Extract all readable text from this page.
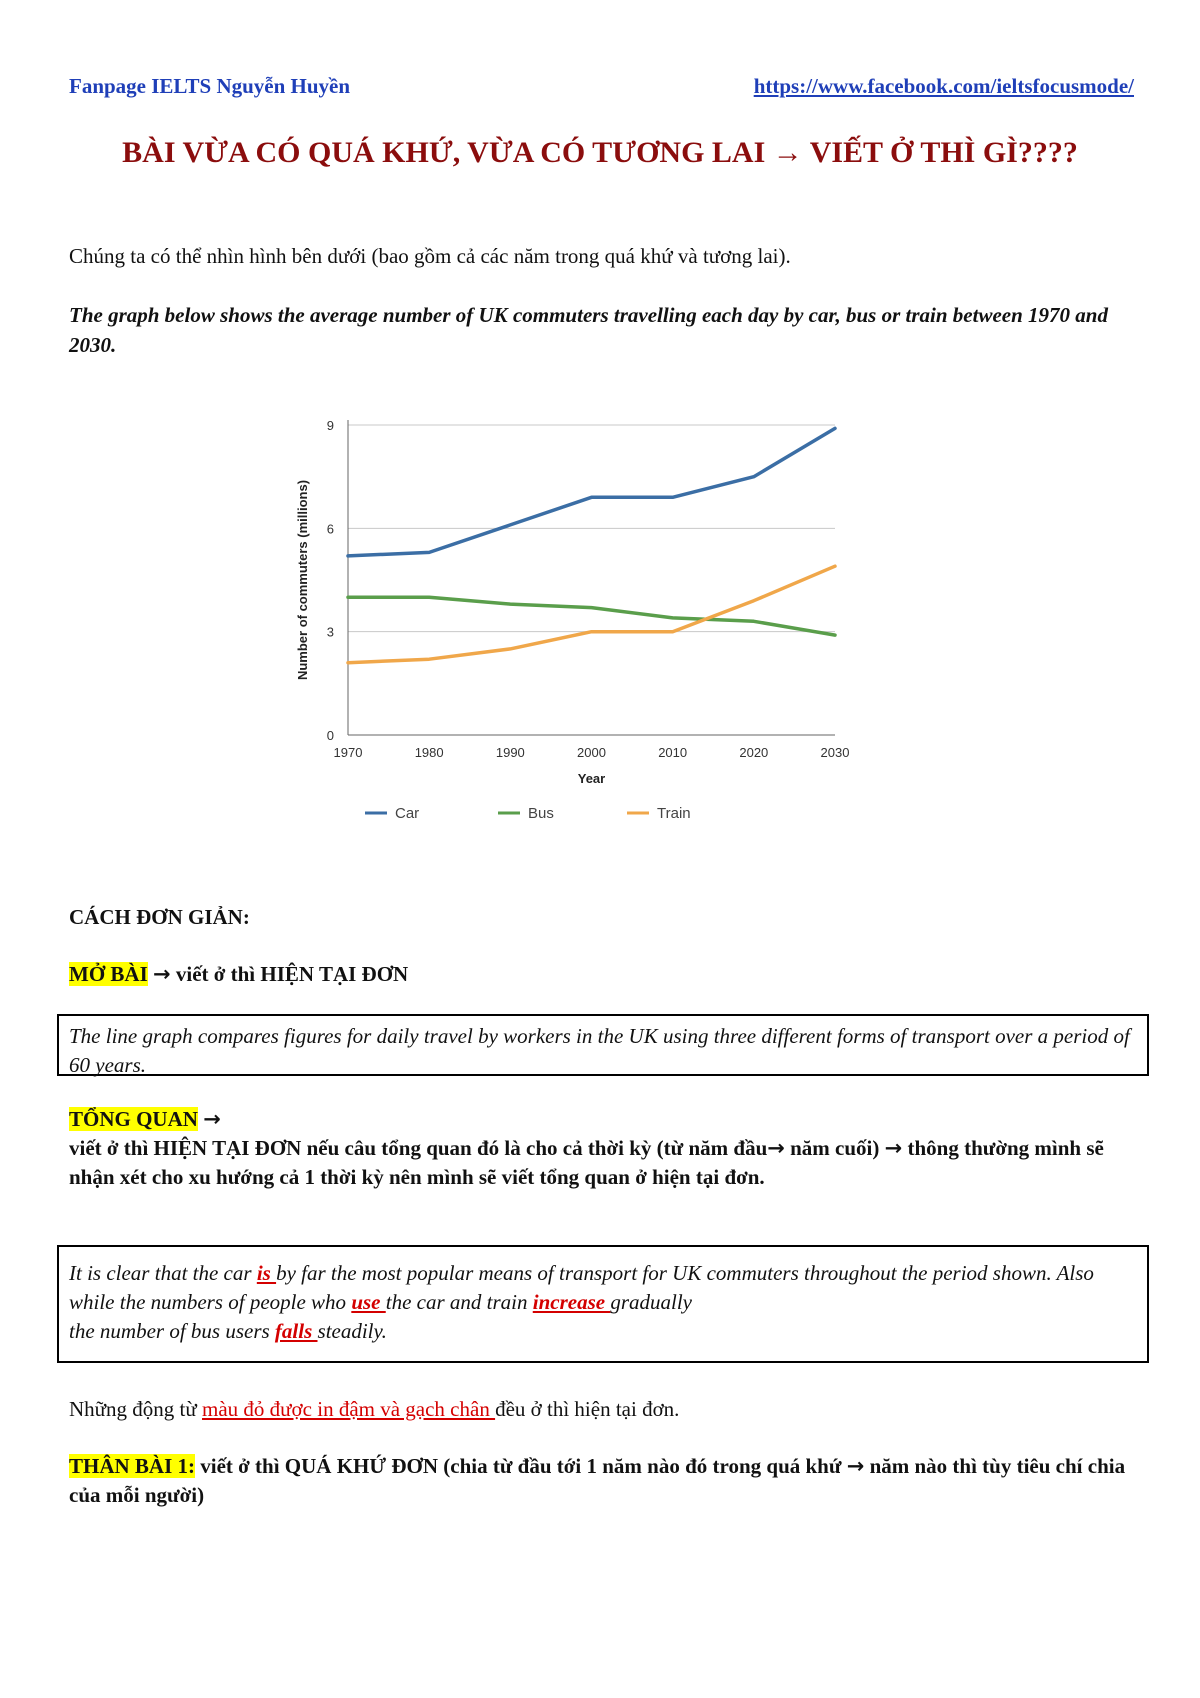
Fanpage IELTS Nguyễn Huyền	https://www.facebook.com/ieltsfocusmode/
BÀI VỪA CÓ QUÁ KHỨ, VỪA CÓ TƯƠNG LAI → VIẾT Ở THÌ GÌ????
Chúng ta có thể nhìn hình bên dưới (bao gồm cả các năm trong quá khứ và tương lai).
The graph below shows the average number of UK commuters travelling each day by car, bus or train between 1970 and 2030.
0
3
6
9
1970	1980	1990	2000	2010	2020	2030
Year
Number of commuters (millions)
Car	Bus	Train
CÁCH ĐƠN GIẢN:
MỞ BÀI → viết ở thì HIỆN TẠI ĐƠN
The line graph compares figures for daily travel by workers in the UK using three different forms of transport over a period of 60 years.
TỔNG QUAN →
viết ở thì HIỆN TẠI ĐƠN nếu câu tổng quan đó là cho cả thời kỳ (từ năm đầu→ năm cuối) → thông thường mình sẽ nhận xét cho xu hướng cả 1 thời kỳ nên mình sẽ viết tổng quan ở hiện tại đơn.
It is clear that the car is by far the most popular means of transport for UK commuters throughout the period shown. Also while the numbers of people who use the car and train increase gradually
the number of bus users falls steadily.
Những động từ màu đỏ được in đậm và gạch chân đều ở thì hiện tại đơn.
THÂN BÀI 1: viết ở thì QUÁ KHỨ ĐƠN (chia từ đầu tới 1 năm nào đó trong quá khứ → năm nào thì tùy tiêu chí chia của mỗi người)
